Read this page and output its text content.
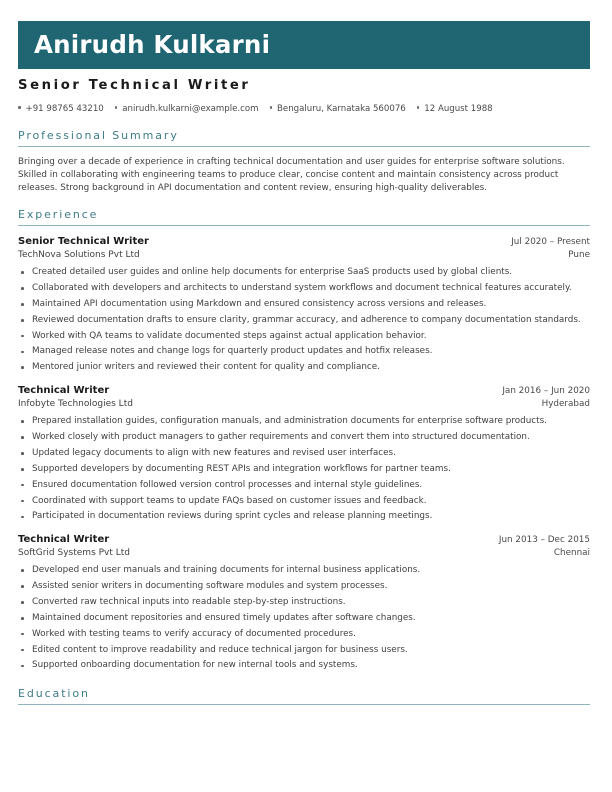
Anirudh Kulkarni
Senior Technical Writer
+91 98765 43210 anirudh.kulkarni@example.com Bengaluru, Karnataka 560076 12 August 1988
Professional Summary

Bringing over a decade of experience in crafting technical documentation and user guides for enterprise software solutions. Skilled in collaborating with engineering teams to produce clear, concise content and maintain consistency across product releases. Strong background in API documentation and content review, ensuring high-quality deliverables.

Experience
Senior Technical Writer	Jul 2020 – Present
TechNova Solutions Pvt Ltd	Pune
Created detailed user guides and online help documents for enterprise SaaS products used by global clients.
Collaborated with developers and architects to understand system workflows and document technical features accurately.
Maintained API documentation using Markdown and ensured consistency across versions and releases.
Reviewed documentation drafts to ensure clarity, grammar accuracy, and adherence to company documentation standards.
Worked with QA teams to validate documented steps against actual application behavior.
Managed release notes and change logs for quarterly product updates and hotfix releases.
Mentored junior writers and reviewed their content for quality and compliance.
Technical Writer	Jan 2016 – Jun 2020
Infobyte Technologies Ltd	Hyderabad
Prepared installation guides, configuration manuals, and administration documents for enterprise software products.
Worked closely with product managers to gather requirements and convert them into structured documentation.
Updated legacy documents to align with new features and revised user interfaces.
Supported developers by documenting REST APIs and integration workflows for partner teams.
Ensured documentation followed version control processes and internal style guidelines.
Coordinated with support teams to update FAQs based on customer issues and feedback.
Participated in documentation reviews during sprint cycles and release planning meetings.
Technical Writer	Jun 2013 – Dec 2015
SoftGrid Systems Pvt Ltd	Chennai
Developed end user manuals and training documents for internal business applications.
Assisted senior writers in documenting software modules and system processes.
Converted raw technical inputs into readable step-by-step instructions.
Maintained document repositories and ensured timely updates after software changes.
Worked with testing teams to verify accuracy of documented procedures.
Edited content to improve readability and reduce technical jargon for business users.
Supported onboarding documentation for new internal tools and systems.
Education
